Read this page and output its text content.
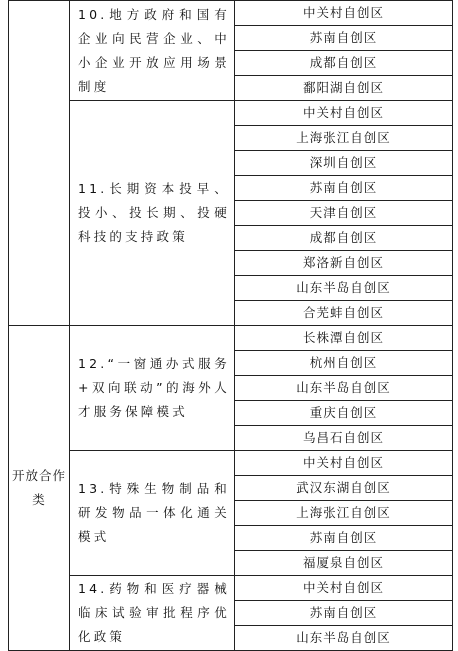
	10.地方政府和国有企业向民营企业、中小企业开放应用场景制度	中关村自创区
		苏南自创区
		成都自创区
		鄱阳湖自创区
	11.长期资本投早、投小、投长期、投硬科技的支持政策	中关村自创区
		上海张江自创区
		深圳自创区
		苏南自创区
		天津自创区
		成都自创区
		郑洛新自创区
		山东半岛自创区
		合芜蚌自创区
开放合作类	12.“一窗通办式服务+双向联动”的海外人才服务保障模式	长株潭自创区
		杭州自创区
		山东半岛自创区
		重庆自创区
		乌昌石自创区
	13.特殊生物制品和研发物品一体化通关模式	中关村自创区
		武汉东湖自创区
		上海张江自创区
		苏南自创区
		福厦泉自创区
	14.药物和医疗器械临床试验审批程序优化政策	中关村自创区
		苏南自创区
		山东半岛自创区
